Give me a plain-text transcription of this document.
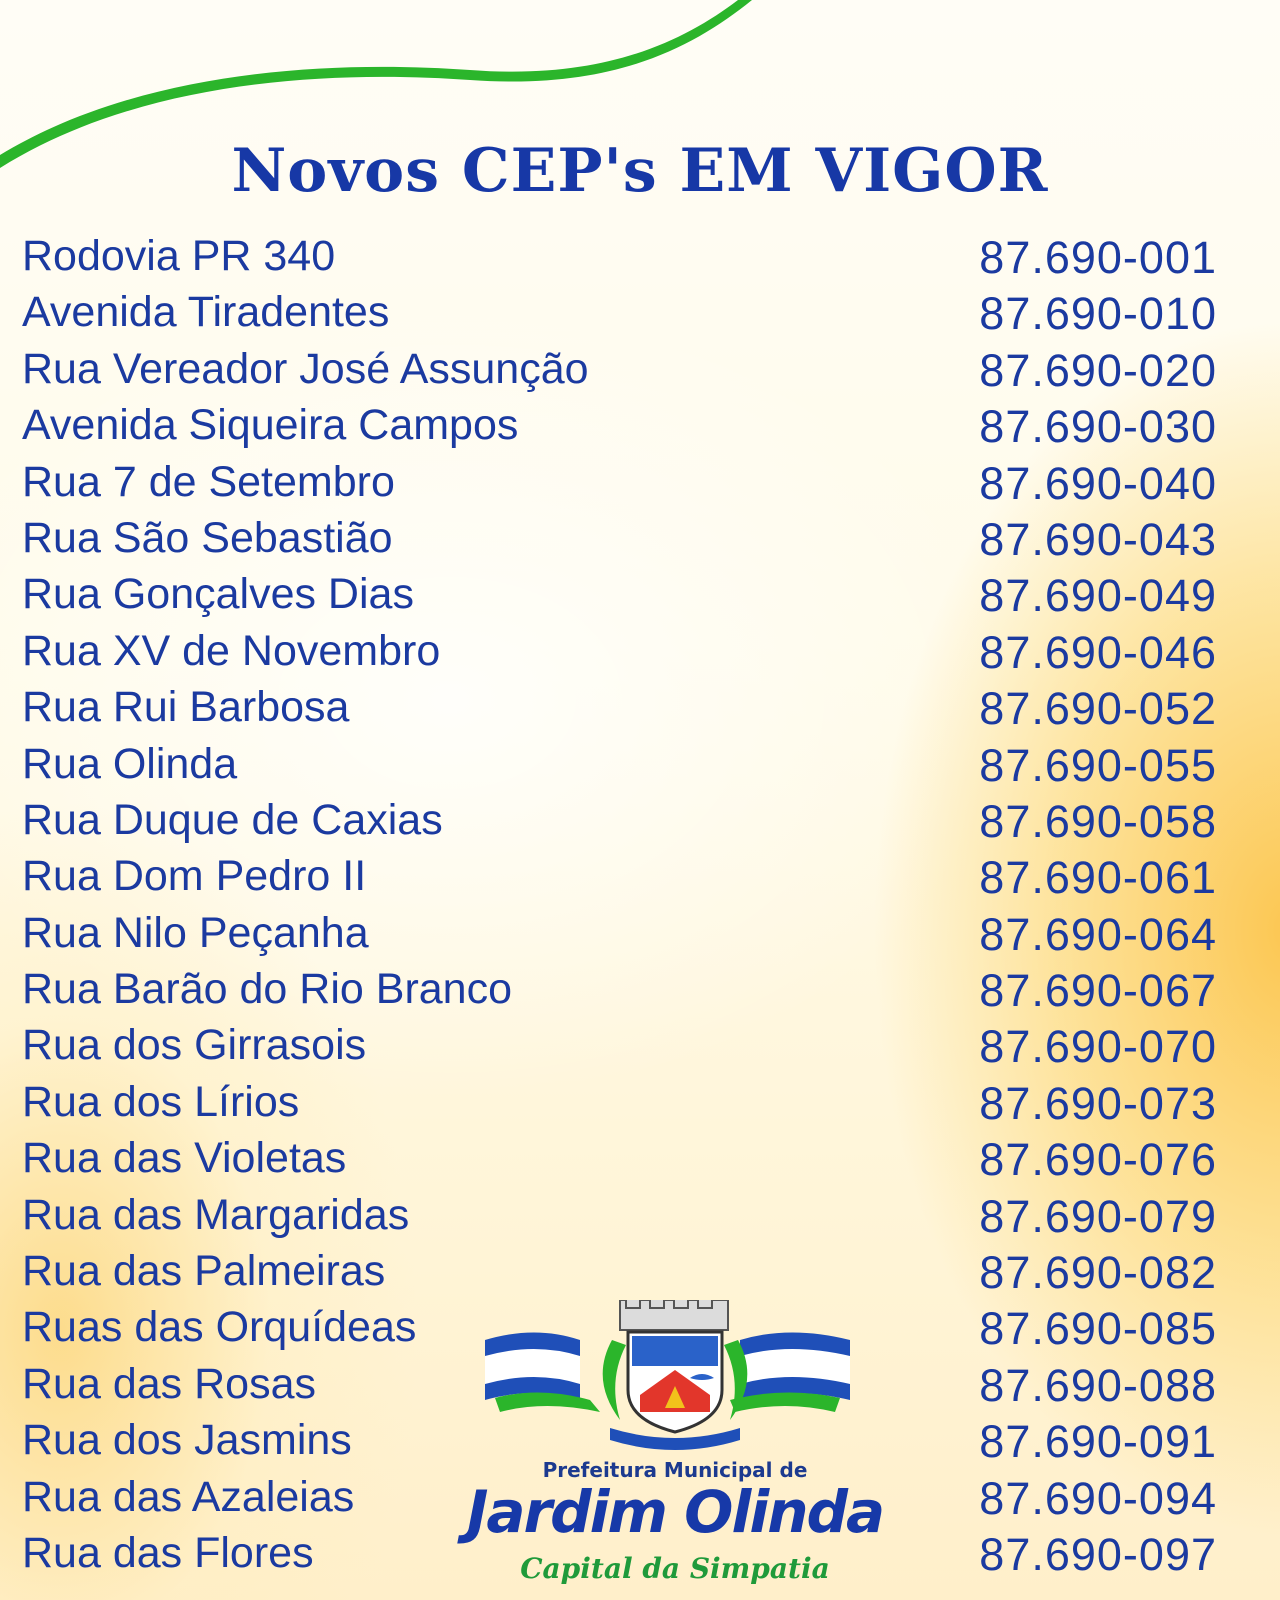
Novos CEP's EM VIGOR
Rodovia PR 340	87.690-001
Avenida Tiradentes	87.690-010
Rua Vereador José Assunção	87.690-020
Avenida Siqueira Campos	87.690-030
Rua 7 de Setembro	87.690-040
Rua São Sebastião	87.690-043
Rua Gonçalves Dias	87.690-049
Rua XV de Novembro	87.690-046
Rua Rui Barbosa	87.690-052
Rua Olinda	87.690-055
Rua Duque de Caxias	87.690-058
Rua Dom Pedro II	87.690-061
Rua Nilo Peçanha	87.690-064
Rua Barão do Rio Branco	87.690-067
Rua dos Girrasois	87.690-070
Rua dos Lírios	87.690-073
Rua das Violetas	87.690-076
Rua das Margaridas	87.690-079
Rua das Palmeiras	87.690-082
Ruas das Orquídeas	87.690-085
Rua das Rosas	87.690-088
Rua dos Jasmins	87.690-091
Rua das Azaleias	87.690-094
Rua das Flores	87.690-097
Prefeitura Municipal de
Jardim Olinda
Capital da Simpatia
